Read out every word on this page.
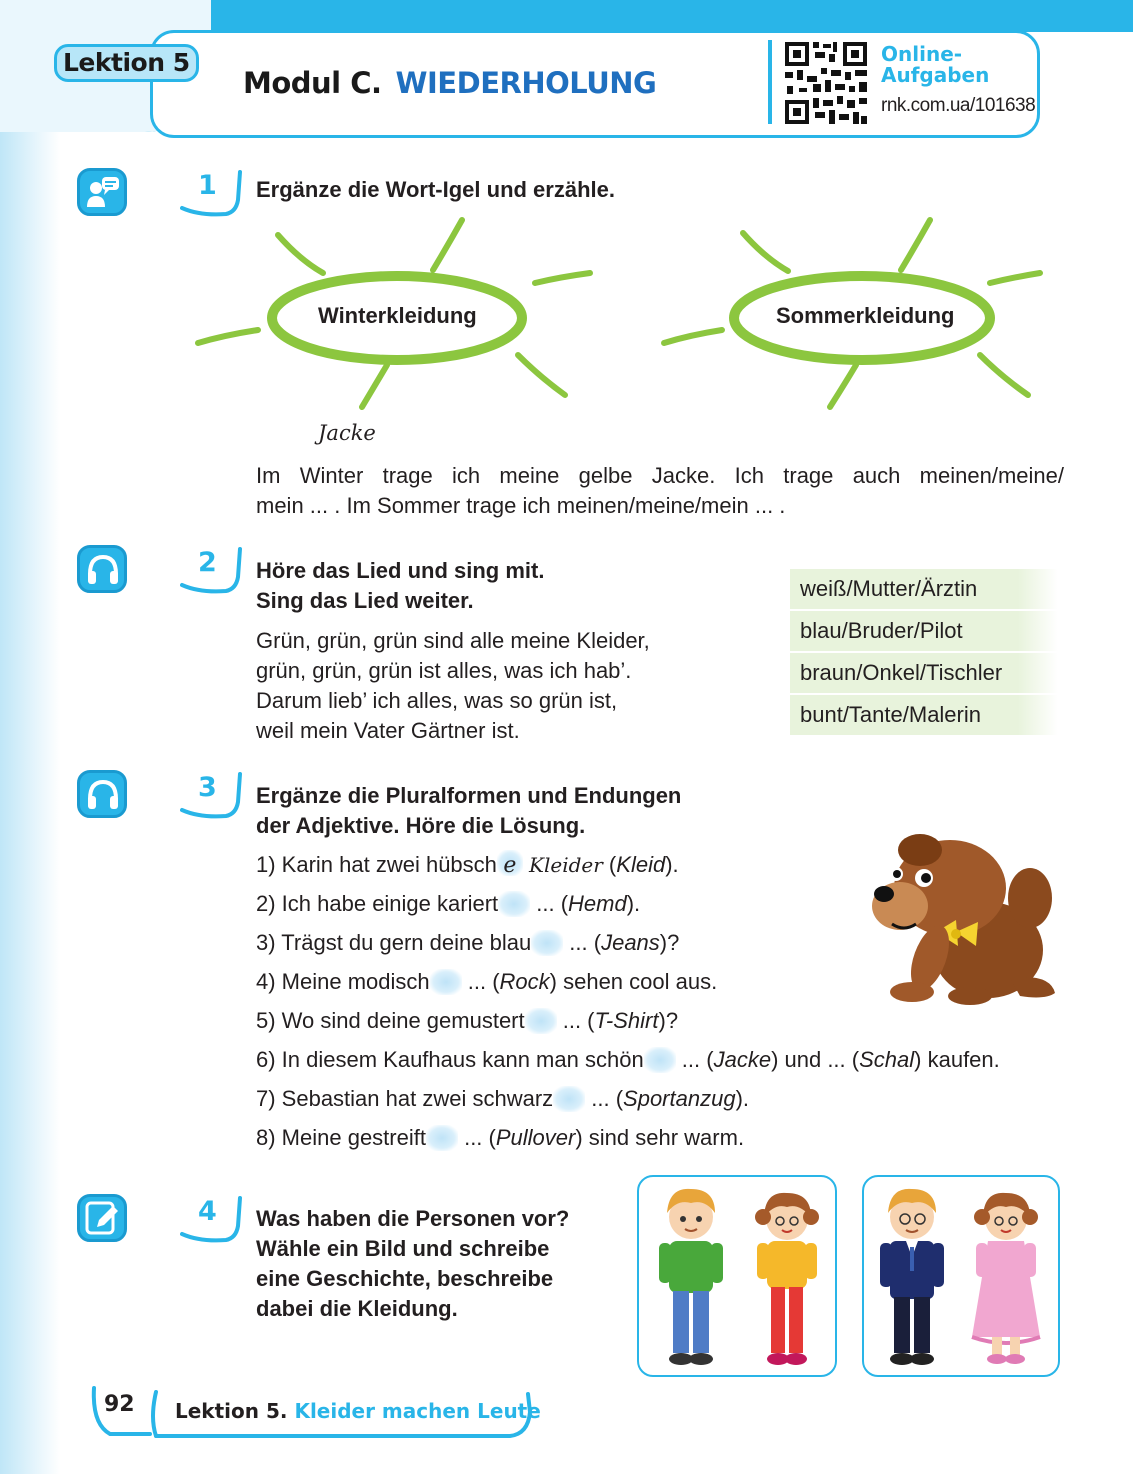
Lektion 5
Modul C. WIEDERHOLUNG
Online-
Aufgaben
rnk.com.ua/101638
1 Ergänze die Wort-Igel und erzähle.
Winterkleidung	Sommerkleidung
Jacke
Im Winter trage ich meine gelbe Jacke. Ich trage auch meinen/meine/
mein ... . Im Sommer trage ich meinen/meine/mein ... .
2 Höre das Lied und sing mit.
Sing das Lied weiter.
Grün, grün, grün sind alle meine Kleider,
grün, grün, grün ist alles, was ich hab’.
Darum lieb’ ich alles, was so grün ist,
weil mein Vater Gärtner ist.
weiß/Mutter/Ärztin
blau/Bruder/Pilot
braun/Onkel/Tischler
bunt/Tante/Malerin
3 Ergänze die Pluralformen und Endungen
der Adjektive. Höre die Lösung.
1) Karin hat zwei hübsch e Kleider (Kleid).
2) Ich habe einige kariert ... (Hemd).
3) Trägst du gern deine blau ... (Jeans)?
4) Meine modisch ... (Rock) sehen cool aus.
5) Wo sind deine gemustert ... (T-Shirt)?
6) In diesem Kaufhaus kann man schön ... (Jacke) und ... (Schal) kaufen.
7) Sebastian hat zwei schwarz ... (Sportanzug).
8) Meine gestreift ... (Pullover) sind sehr warm.
4 Was haben die Personen vor?
Wähle ein Bild und schreibe
eine Geschichte, beschreibe
dabei die Kleidung.
92 Lektion 5. Kleider machen Leute
